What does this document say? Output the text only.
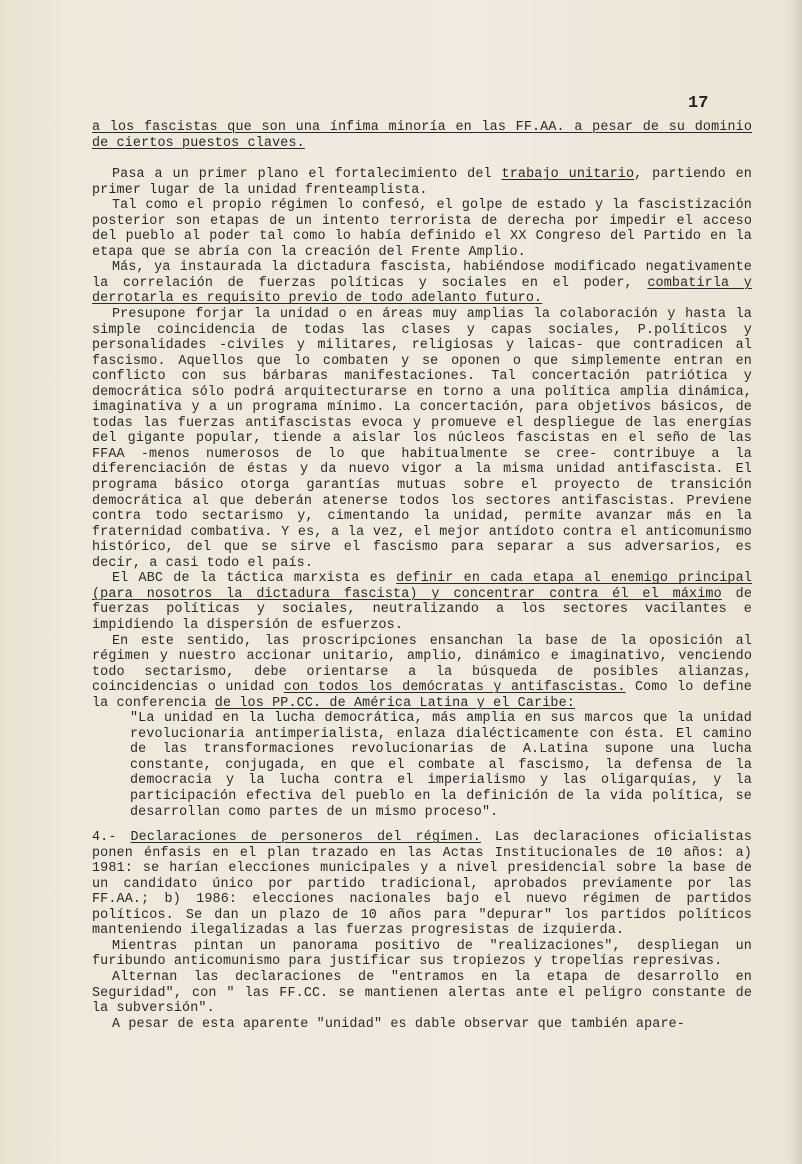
17

a los fascistas que son una ínfima minoría en las FF.AA. a pesar de su dominio de ciertos puestos claves.

Pasa a un primer plano el fortalecimiento del trabajo unitario, partiendo en primer lugar de la unidad frenteamplista.

Tal como el propio régimen lo confesó, el golpe de estado y la fascistización posterior son etapas de un intento terrorista de derecha por impedir el acceso del pueblo al poder tal como lo había definido el XX Congreso del Partido en la etapa que se abría con la creación del Frente Amplio.

Más, ya instaurada la dictadura fascista, habiéndose modificado negativamente la correlación de fuerzas políticas y sociales en el poder, combatirla y derrotarla es requisito previo de todo adelanto futuro.

Presupone forjar la unidad o en áreas muy amplias la colaboración y hasta la simple coincidencia de todas las clases y capas sociales, P.políticos y personalidades -civiles y militares, religiosas y laicas- que contradicen al fascismo. Aquellos que lo combaten y se oponen o que simplemente entran en conflicto con sus bárbaras manifestaciones. Tal concertación patriótica y democrática sólo podrá arquitecturarse en torno a una política amplia dinámica, imaginativa y a un programa mínimo. La concertación, para objetivos básicos, de todas las fuerzas antifascistas evoca y promueve el despliegue de las energías del gigante popular, tiende a aislar los núcleos fascistas en el seño de las FFAA -menos numerosos de lo que habitualmente se cree- contribuye a la diferenciación de éstas y da nuevo vigor a la misma unidad antifascista. El programa básico otorga garantías mutuas sobre el proyecto de transición democrática al que deberán atenerse todos los sectores antifascistas. Previene contra todo sectarismo y, cimentando la unidad, permite avanzar más en la fraternidad combativa. Y es, a la vez, el mejor antídoto contra el anticomunismo histórico, del que se sirve el fascismo para separar a sus adversarios, es decir, a casi todo el país.

El ABC de la táctica marxista es definir en cada etapa al enemigo principal (para nosotros la dictadura fascista) y concentrar contra él el máximo de fuerzas políticas y sociales, neutralizando a los sectores vacilantes e impidiendo la dispersión de esfuerzos.

En este sentido, las proscripciones ensanchan la base de la oposición al régimen y nuestro accionar unitario, amplio, dinámico e imaginativo, venciendo todo sectarismo, debe orientarse a la búsqueda de posibles alianzas, coincidencias o unidad con todos los demócratas y antifascistas. Como lo define la conferencia de los PP.CC. de América Latina y el Caribe:

"La unidad en la lucha democrática, más amplia en sus marcos que la unidad revolucionaria antimperialista, enlaza dialécticamente con ésta. El camino de las transformaciones revolucionarias de A.Latina supone una lucha constante, conjugada, en que el combate al fascismo, la defensa de la democracia y la lucha contra el imperialismo y las oligarquías, y la participación efectiva del pueblo en la definición de la vida política, se desarrollan como partes de un mismo proceso".

4.- Declaraciones de personeros del régimen. Las declaraciones oficialistas ponen énfasis en el plan trazado en las Actas Institucionales de 10 años: a) 1981: se harían elecciones municipales y a nivel presidencial sobre la base de un candidato único por partido tradicional, aprobados previamente por las FF.AA.; b) 1986: elecciones nacionales bajo el nuevo régimen de partidos políticos. Se dan un plazo de 10 años para "depurar" los partidos políticos manteniendo ilegalizadas a las fuerzas progresistas de izquierda.

Mientras pintan un panorama positivo de "realizaciones", despliegan un furibundo anticomunismo para justificar sus tropiezos y tropelías represivas.

Alternan las declaraciones de "entramos en la etapa de desarrollo en Seguridad", con " las FF.CC. se mantienen alertas ante el peligro constante de la subversión".

A pesar de esta aparente "unidad" es dable observar que también apare-
